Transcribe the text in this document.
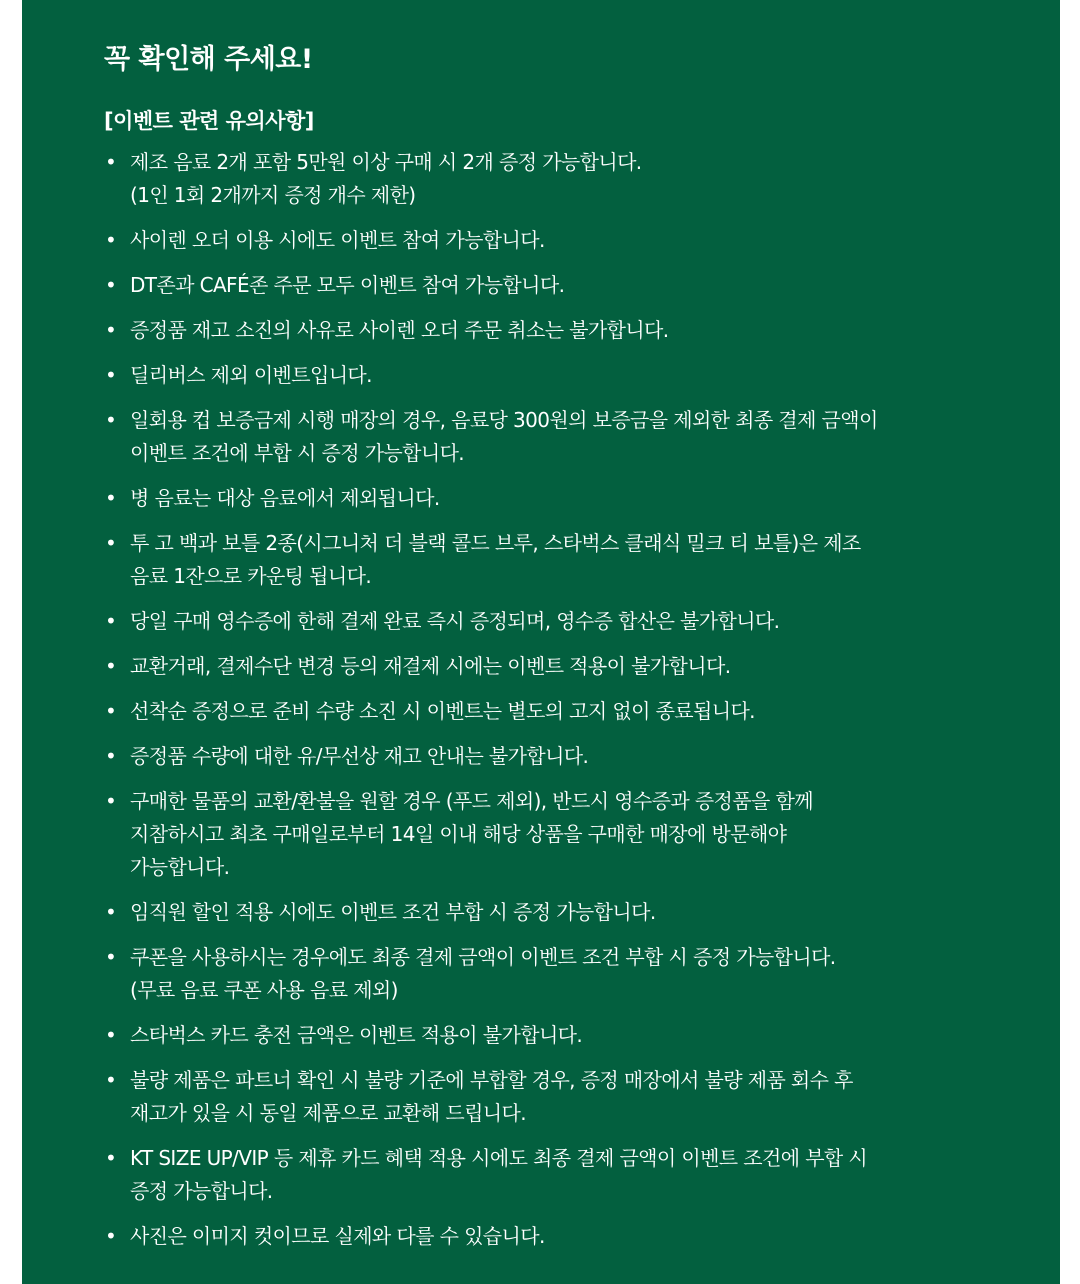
꼭 확인해 주세요!
[이벤트 관련 유의사항]
• 제조 음료 2개 포함 5만원 이상 구매 시 2개 증정 가능합니다.
(1인 1회 2개까지 증정 개수 제한)
• 사이렌 오더 이용 시에도 이벤트 참여 가능합니다.
• DT존과 CAFÉ존 주문 모두 이벤트 참여 가능합니다.
• 증정품 재고 소진의 사유로 사이렌 오더 주문 취소는 불가합니다.
• 딜리버스 제외 이벤트입니다.
• 일회용 컵 보증금제 시행 매장의 경우, 음료당 300원의 보증금을 제외한 최종 결제 금액이
이벤트 조건에 부합 시 증정 가능합니다.
• 병 음료는 대상 음료에서 제외됩니다.
• 투 고 백과 보틀 2종(시그니처 더 블랙 콜드 브루, 스타벅스 클래식 밀크 티 보틀)은 제조
음료 1잔으로 카운팅 됩니다.
• 당일 구매 영수증에 한해 결제 완료 즉시 증정되며, 영수증 합산은 불가합니다.
• 교환거래, 결제수단 변경 등의 재결제 시에는 이벤트 적용이 불가합니다.
• 선착순 증정으로 준비 수량 소진 시 이벤트는 별도의 고지 없이 종료됩니다.
• 증정품 수량에 대한 유/무선상 재고 안내는 불가합니다.
• 구매한 물품의 교환/환불을 원할 경우 (푸드 제외), 반드시 영수증과 증정품을 함께
지참하시고 최초 구매일로부터 14일 이내 해당 상품을 구매한 매장에 방문해야
가능합니다.
• 임직원 할인 적용 시에도 이벤트 조건 부합 시 증정 가능합니다.
• 쿠폰을 사용하시는 경우에도 최종 결제 금액이 이벤트 조건 부합 시 증정 가능합니다.
(무료 음료 쿠폰 사용 음료 제외)
• 스타벅스 카드 충전 금액은 이벤트 적용이 불가합니다.
• 불량 제품은 파트너 확인 시 불량 기준에 부합할 경우, 증정 매장에서 불량 제품 회수 후
재고가 있을 시 동일 제품으로 교환해 드립니다.
• KT SIZE UP/VIP 등 제휴 카드 혜택 적용 시에도 최종 결제 금액이 이벤트 조건에 부합 시
증정 가능합니다.
• 사진은 이미지 컷이므로 실제와 다를 수 있습니다.
